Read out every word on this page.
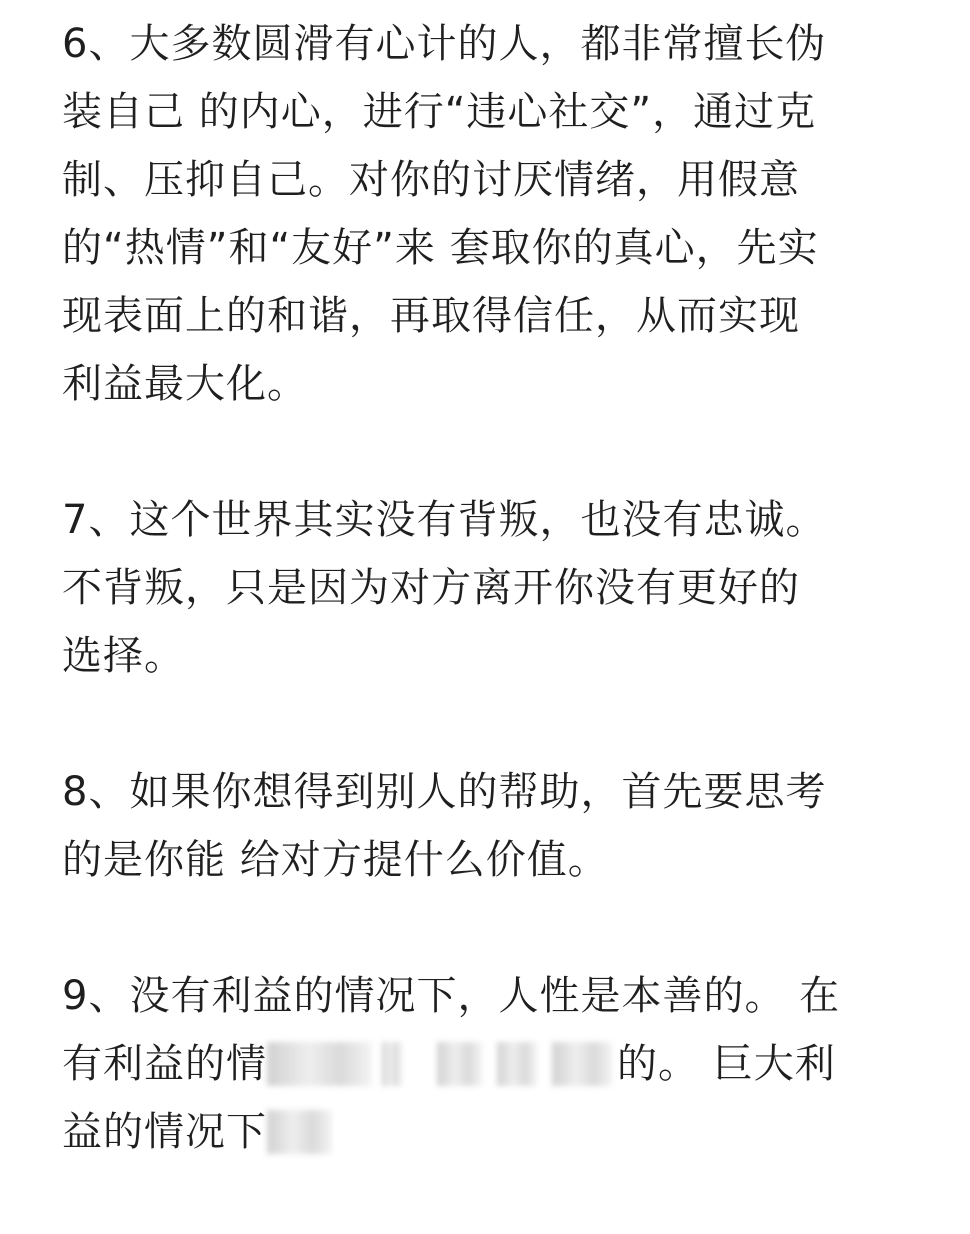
6、大多数圆滑有心计的人，都非常擅长伪
装自己 的内心，进行“违心社交”，通过克
制、压抑自己。对你的讨厌情绪，用假意
的“热情”和“友好”来 套取你的真心，先实
现表面上的和谐，再取得信任，从而实现
利益最大化。
7、这个世界其实没有背叛，也没有忠诚。
不背叛，只是因为对方离开你没有更好的
选择。
8、如果你想得到别人的帮助，首先要思考
的是你能 给对方提什么价值。
9、没有利益的情况下，人性是本善的。 在
有利益的情	的。 巨大利
益的情况下
